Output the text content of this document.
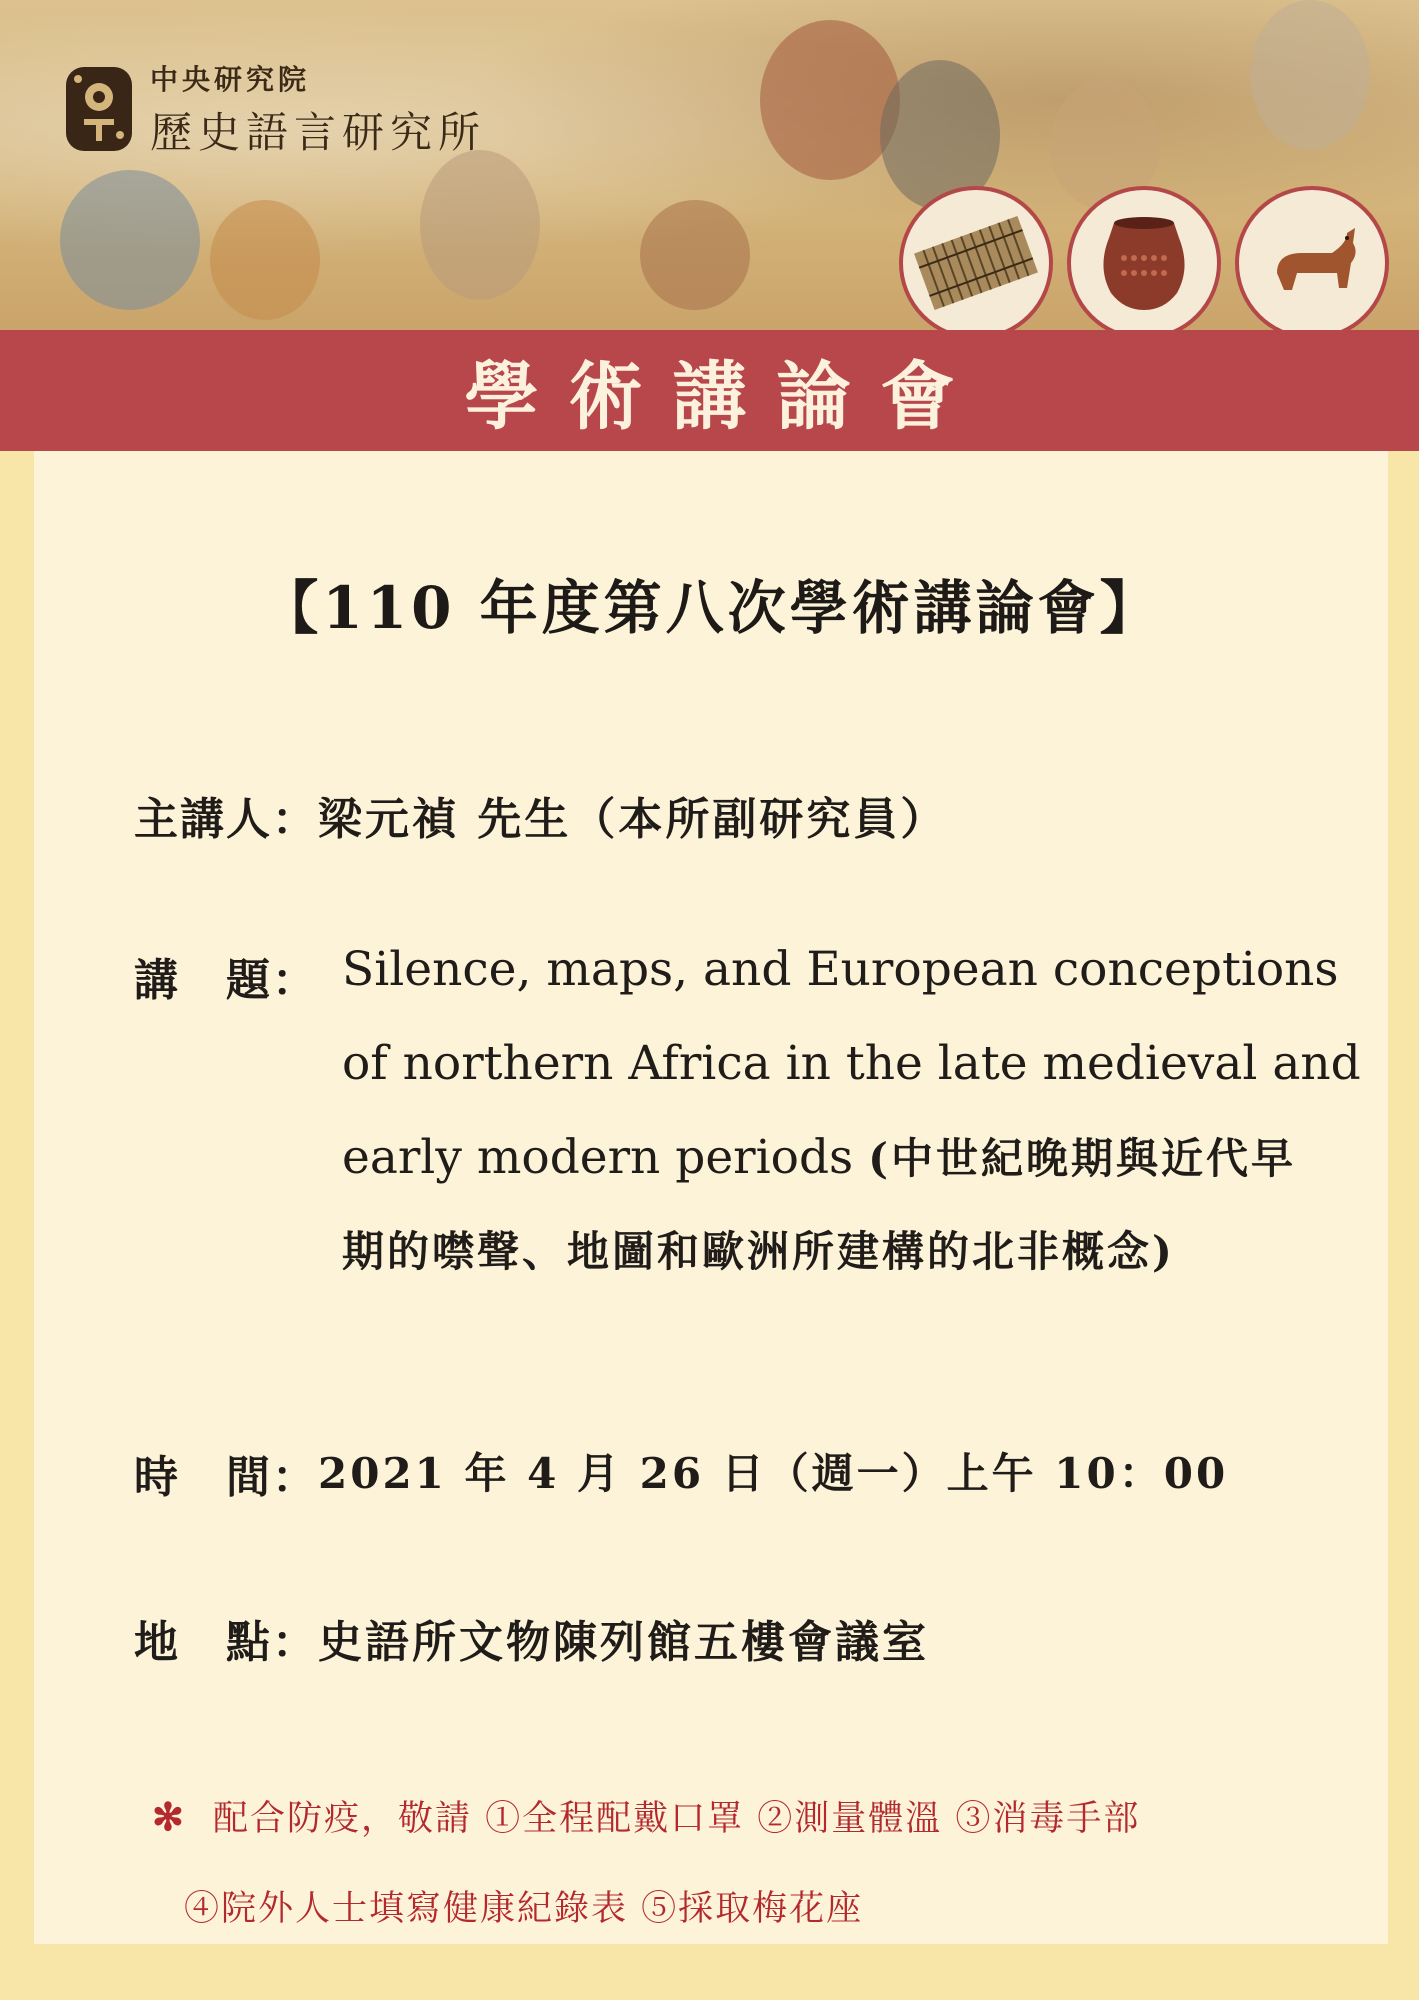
中央研究院
歷史語言研究所
學術講論會
【110 年度第八次學術講論會】
主講人： 梁元禎 先生（本所副研究員）
講　題： Silence, maps, and European conceptions
of northern Africa in the late medieval and
early modern periods (中世紀晚期與近代早
期的噤聲、地圖和歐洲所建構的北非概念)
時　間： 2021 年 4 月 26 日（週一）上午 10：00
地　點： 史語所文物陳列館五樓會議室
✻ 配合防疫，敬請 ①全程配戴口罩 ②測量體溫 ③消毒手部
④院外人士填寫健康紀錄表 ⑤採取梅花座
